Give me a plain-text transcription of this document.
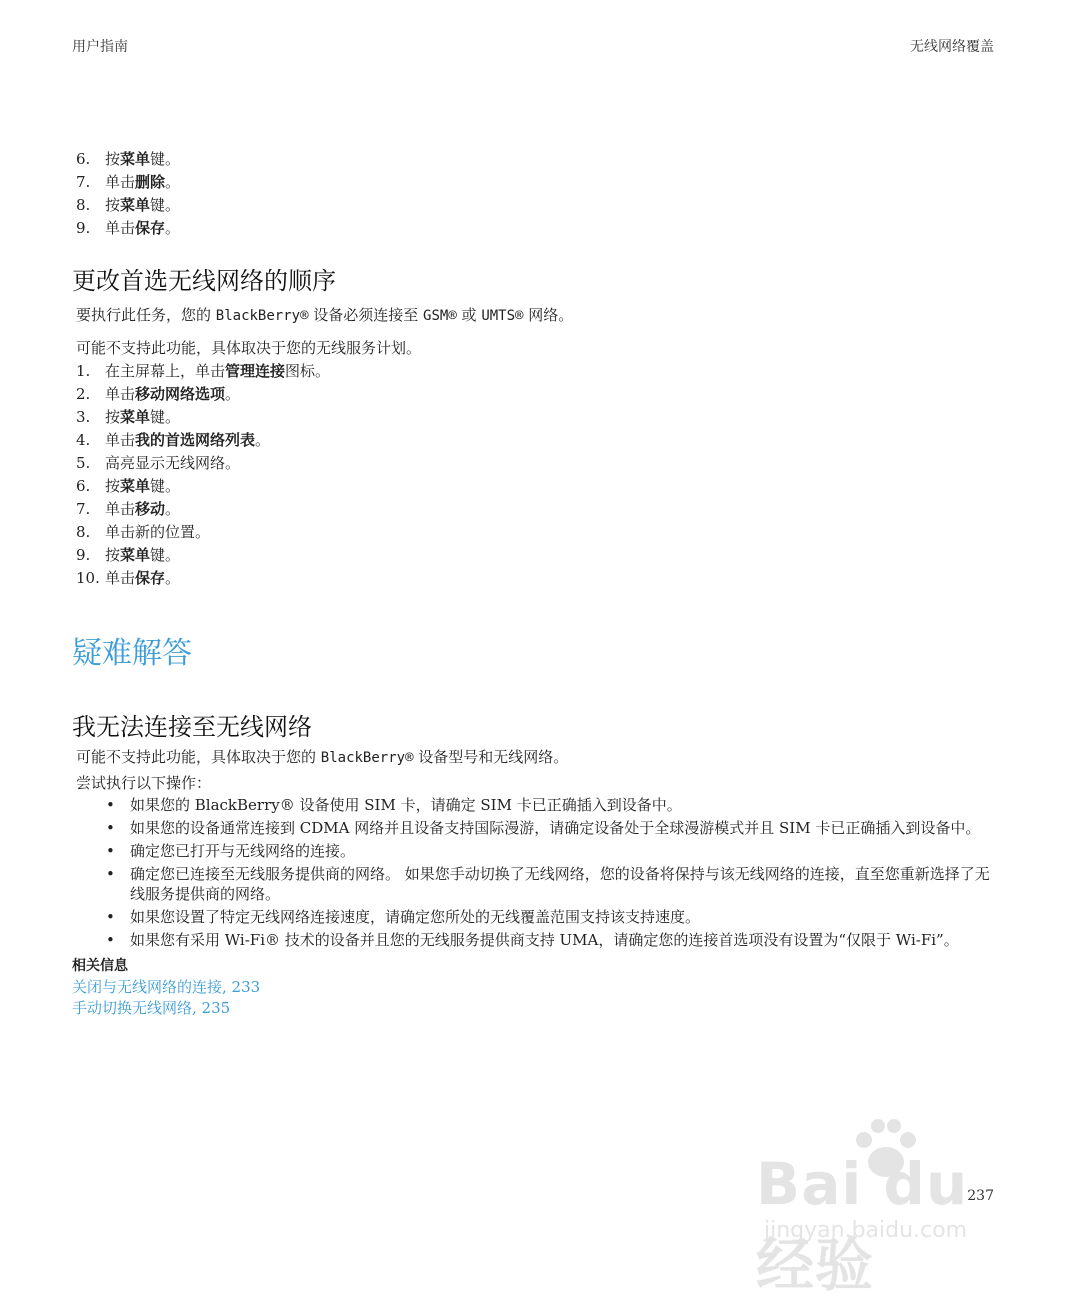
用户指南	无线网络覆盖
6. 按菜单键。
7. 单击删除。
8. 按菜单键。
9. 单击保存。
更改首选无线网络的顺序

要执行此任务，您的 BlackBerry® 设备必须连接至 GSM® 或 UMTS® 网络。

可能不支持此功能，具体取决于您的无线服务计划。

1. 在主屏幕上，单击管理连接图标。
2. 单击移动网络选项。
3. 按菜单键。
4. 单击我的首选网络列表。
5. 高亮显示无线网络。
6. 按菜单键。
7. 单击移动。
8. 单击新的位置。
9. 按菜单键。
10. 单击保存。
疑难解答
我无法连接至无线网络

可能不支持此功能，具体取决于您的 BlackBerry® 设备型号和无线网络。

尝试执行以下操作：

•	如果您的 BlackBerry® 设备使用 SIM 卡，请确定 SIM 卡已正确插入到设备中。
•	如果您的设备通常连接到 CDMA 网络并且设备支持国际漫游，请确定设备处于全球漫游模式并且 SIM 卡已正确插入到设备中。
•	确定您已打开与无线网络的连接。
•	确定您已连接至无线服务提供商的网络。 如果您手动切换了无线网络，您的设备将保持与该无线网络的连接，直至您重新选择了无线服务提供商的网络。
•	如果您设置了特定无线网络连接速度，请确定您所处的无线覆盖范围支持该支持速度。
•	如果您有采用 Wi-Fi® 技术的设备并且您的无线服务提供商支持 UMA，请确定您的连接首选项没有设置为“仅限于 Wi-Fi”。
相关信息
关闭与无线网络的连接, 233
手动切换无线网络, 235
Bai du 经验
jingyan.baidu.com
237
